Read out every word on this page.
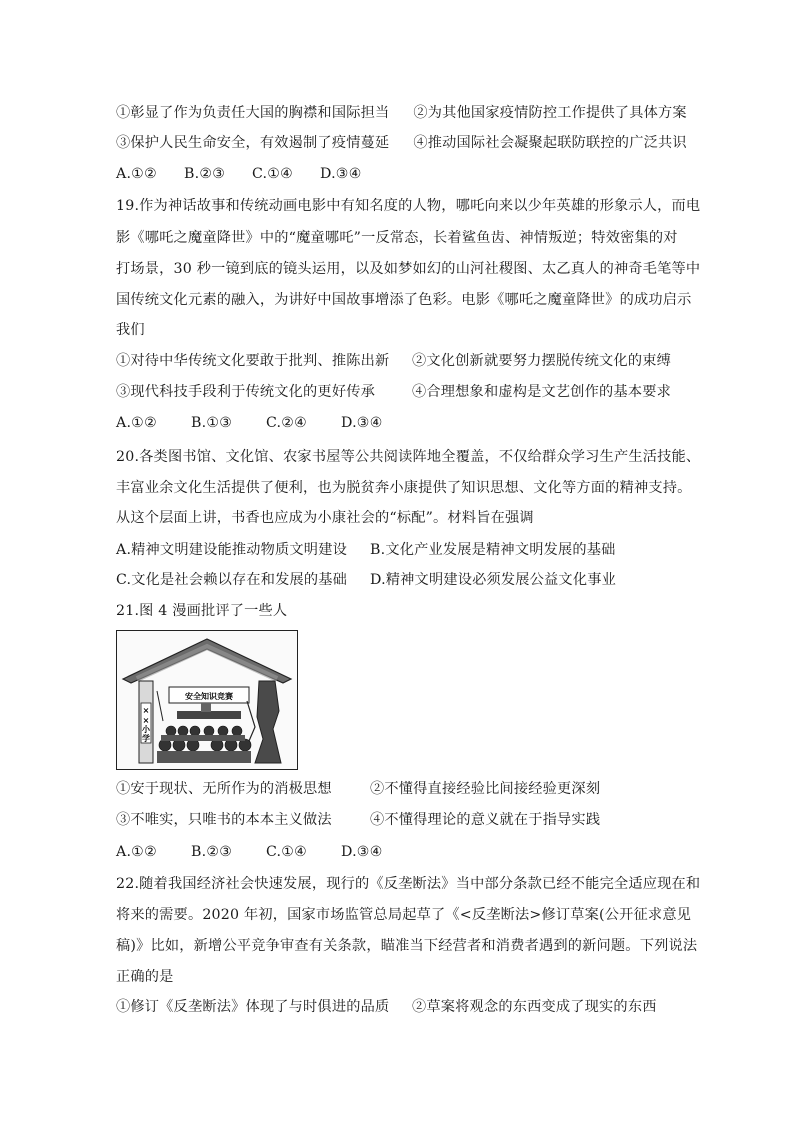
①彰显了作为负责任大国的胸襟和国际担当 ②为其他国家疫情防控工作提供了具体方案
③保护人民生命安全，有效遏制了疫情蔓延 ④推动国际社会凝聚起联防联控的广泛共识
A.①② B.②③ C.①④ D.③④
19.作为神话故事和传统动画电影中有知名度的人物，哪吒向来以少年英雄的形象示人，而电
影《哪吒之魔童降世》中的“魔童哪吒”一反常态，长着鲨鱼齿、神情叛逆；特效密集的对
打场景，30 秒一镜到底的镜头运用，以及如梦如幻的山河社稷图、太乙真人的神奇毛笔等中
国传统文化元素的融入，为讲好中国故事增添了色彩。电影《哪吒之魔童降世》的成功启示
我们
①对待中华传统文化要敢于批判、推陈出新 ②文化创新就要努力摆脱传统文化的束缚
③现代科技手段利于传统文化的更好传承	④合理想象和虚构是文艺创作的基本要求
A.①② B.①③ C.②④ D.③④
20.各类图书馆、文化馆、农家书屋等公共阅读阵地全覆盖，不仅给群众学习生产生活技能、
丰富业余文化生活提供了便利，也为脱贫奔小康提供了知识思想、文化等方面的精神支持。
从这个层面上讲，书香也应成为小康社会的“标配”。材料旨在强调
A.精神文明建设能推动物质文明建设 B.文化产业发展是精神文明发展的基础
C.文化是社会赖以存在和发展的基础 D.精神文明建设必须发展公益文化事业
21.图 4 漫画批评了一些人
×
×
小
学
安全知识竞赛
①安于现状、无所作为的消极思想	②不懂得直接经验比间接经验更深刻
③不唯实，只唯书的本本主义做法	④不懂得理论的意义就在于指导实践
A.①② B.②③ C.①④ D.③④
22.随着我国经济社会快速发展，现行的《反垄断法》当中部分条款已经不能完全适应现在和
将来的需要。2020 年初，国家市场监管总局起草了《<反垄断法>修订草案(公开征求意见
稿)》比如，新增公平竞争审查有关条款，瞄准当下经营者和消费者遇到的新问题。下列说法
正确的是
①修订《反垄断法》体现了与时俱进的品质 ②草案将观念的东西变成了现实的东西
